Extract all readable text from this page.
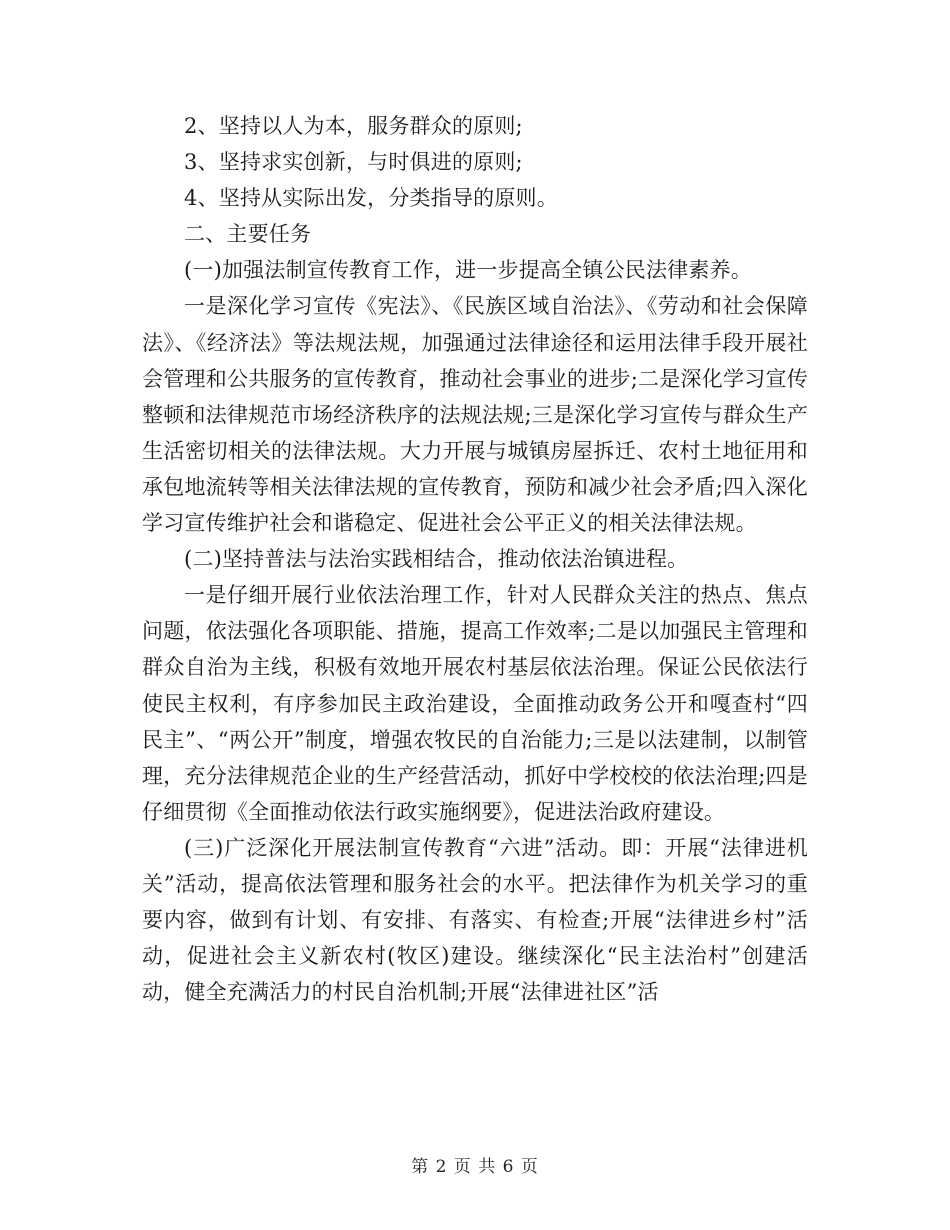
2、坚持以人为本，服务群众的原则;

3、坚持求实创新，与时俱进的原则;

4、坚持从实际出发，分类指导的原则。

二、主要任务

(一)加强法制宣传教育工作，进一步提高全镇公民法律素养。

一是深化学习宣传《宪法》、《民族区域自治法》、《劳动和社会保障法》、《经济法》等法规法规，加强通过法律途径和运用法律手段开展社会管理和公共服务的宣传教育，推动社会事业的进步;二是深化学习宣传整顿和法律规范市场经济秩序的法规法规;三是深化学习宣传与群众生产生活密切相关的法律法规。大力开展与城镇房屋拆迁、农村土地征用和承包地流转等相关法律法规的宣传教育，预防和减少社会矛盾;四入深化学习宣传维护社会和谐稳定、促进社会公平正义的相关法律法规。

(二)坚持普法与法治实践相结合，推动依法治镇进程。

一是仔细开展行业依法治理工作，针对人民群众关注的热点、焦点问题，依法强化各项职能、措施，提高工作效率;二是以加强民主管理和群众自治为主线，积极有效地开展农村基层依法治理。保证公民依法行使民主权利，有序参加民主政治建设，全面推动政务公开和嘎查村“四民主”、“两公开”制度，增强农牧民的自治能力;三是以法建制，以制管理，充分法律规范企业的生产经营活动，抓好中学校校的依法治理;四是仔细贯彻《全面推动依法行政实施纲要》，促进法治政府建设。

(三)广泛深化开展法制宣传教育“六进”活动。即：开展“法律进机关”活动，提高依法管理和服务社会的水平。把法律作为机关学习的重要内容，做到有计划、有安排、有落实、有检查;开展“法律进乡村”活动，促进社会主义新农村(牧区)建设。继续深化“民主法治村”创建活动，健全充满活力的村民自治机制;开展“法律进社区”活

第 2 页 共 6 页
